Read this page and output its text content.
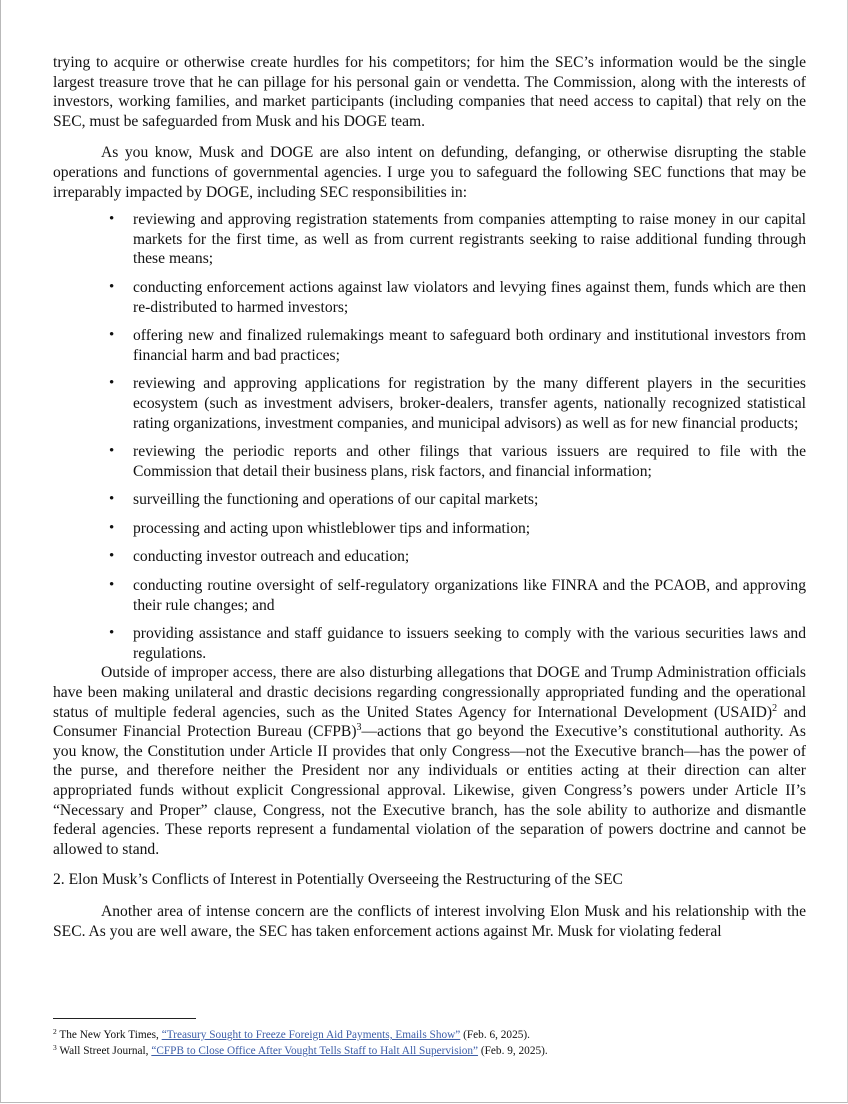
trying to acquire or otherwise create hurdles for his competitors; for him the SEC’s information would be the single largest treasure trove that he can pillage for his personal gain or vendetta. The Commission, along with the interests of investors, working families, and market participants (including companies that need access to capital) that rely on the SEC, must be safeguarded from Musk and his DOGE team.

As you know, Musk and DOGE are also intent on defunding, defanging, or otherwise disrupting the stable operations and functions of governmental agencies. I urge you to safeguard the following SEC functions that may be irreparably impacted by DOGE, including SEC responsibilities in:

• reviewing and approving registration statements from companies attempting to raise money in our capital markets for the first time, as well as from current registrants seeking to raise additional funding through these means;
• conducting enforcement actions against law violators and levying fines against them, funds which are then re-distributed to harmed investors;
• offering new and finalized rulemakings meant to safeguard both ordinary and institutional investors from financial harm and bad practices;
• reviewing and approving applications for registration by the many different players in the securities ecosystem (such as investment advisers, broker-dealers, transfer agents, nationally recognized statistical rating organizations, investment companies, and municipal advisors) as well as for new financial products;
• reviewing the periodic reports and other filings that various issuers are required to file with the Commission that detail their business plans, risk factors, and financial information;
• surveilling the functioning and operations of our capital markets;
• processing and acting upon whistleblower tips and information;
• conducting investor outreach and education;
• conducting routine oversight of self-regulatory organizations like FINRA and the PCAOB, and approving their rule changes; and
• providing assistance and staff guidance to issuers seeking to comply with the various securities laws and regulations.

Outside of improper access, there are also disturbing allegations that DOGE and Trump Administration officials have been making unilateral and drastic decisions regarding congressionally appropriated funding and the operational status of multiple federal agencies, such as the United States Agency for International Development (USAID)$^2$ and Consumer Financial Protection Bureau (CFPB)$^3$—actions that go beyond the Executive’s constitutional authority. As you know, the Constitution under Article II provides that only Congress—not the Executive branch—has the power of the purse, and therefore neither the President nor any individuals or entities acting at their direction can alter appropriated funds without explicit Congressional approval. Likewise, given Congress’s powers under Article II’s “Necessary and Proper” clause, Congress, not the Executive branch, has the sole ability to authorize and dismantle federal agencies. These reports represent a fundamental violation of the separation of powers doctrine and cannot be allowed to stand.

2. Elon Musk’s Conflicts of Interest in Potentially Overseeing the Restructuring of the SEC

Another area of intense concern are the conflicts of interest involving Elon Musk and his relationship with the SEC. As you are well aware, the SEC has taken enforcement actions against Mr. Musk for violating federal

$^2$ The New York Times, “Treasury Sought to Freeze Foreign Aid Payments, Emails Show” (Feb. 6, 2025).
$^3$ Wall Street Journal, “CFPB to Close Office After Vought Tells Staff to Halt All Supervision” (Feb. 9, 2025).
